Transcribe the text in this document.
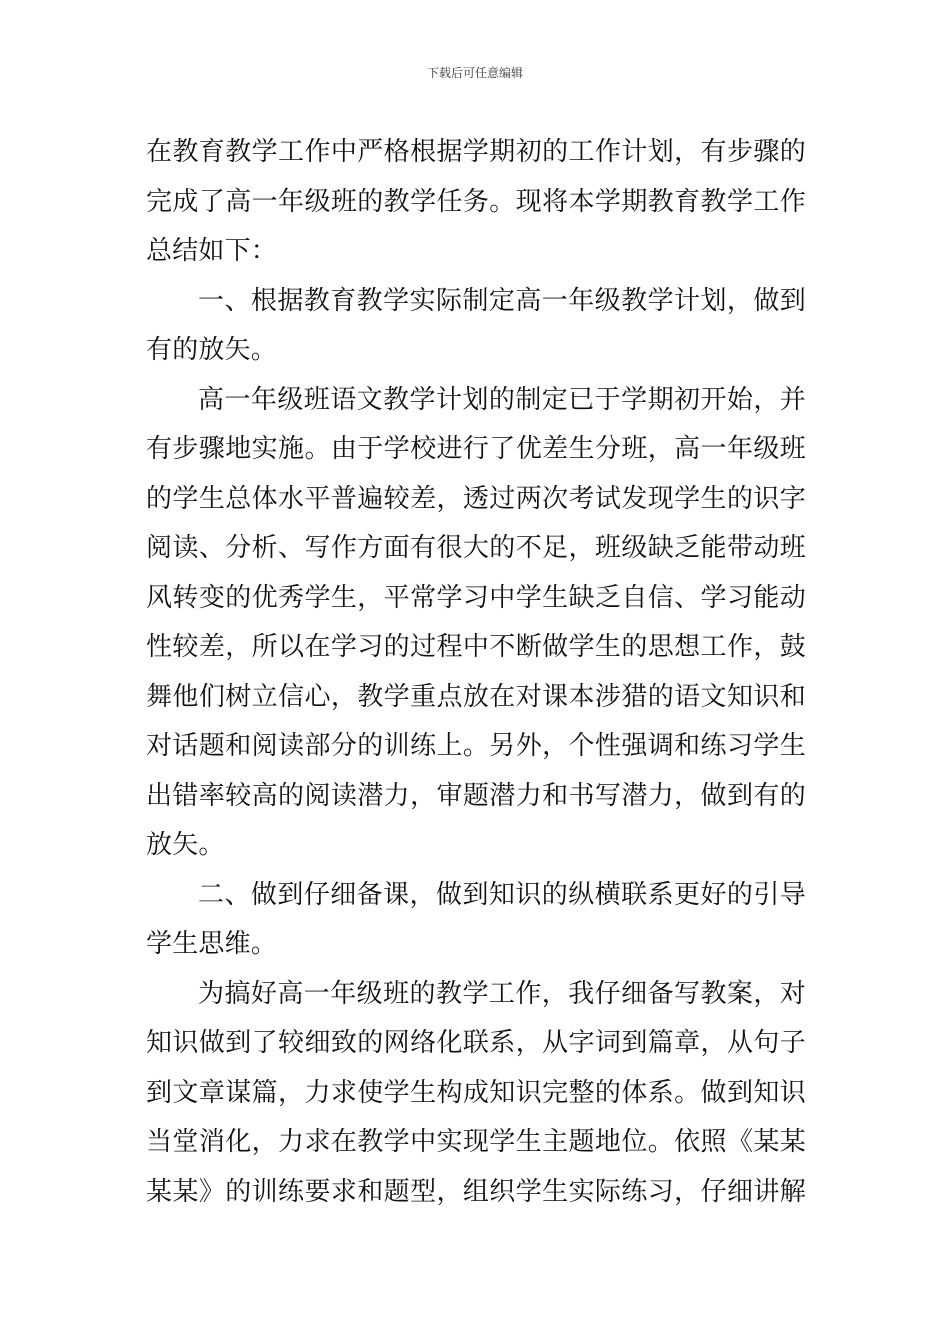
下载后可任意编辑
在教育教学工作中严格根据学期初的工作计划，有步骤的
完成了高一年级班的教学任务。现将本学期教育教学工作
总结如下：
一、根据教育教学实际制定高一年级教学计划，做到
有的放矢。
高一年级班语文教学计划的制定已于学期初开始，并
有步骤地实施。由于学校进行了优差生分班，高一年级班
的学生总体水平普遍较差，透过两次考试发现学生的识字
阅读、分析、写作方面有很大的不足，班级缺乏能带动班
风转变的优秀学生，平常学习中学生缺乏自信、学习能动
性较差，所以在学习的过程中不断做学生的思想工作，鼓
舞他们树立信心，教学重点放在对课本涉猎的语文知识和
对话题和阅读部分的训练上。另外，个性强调和练习学生
出错率较高的阅读潜力，审题潜力和书写潜力，做到有的
放矢。
二、做到仔细备课，做到知识的纵横联系更好的引导
学生思维。
为搞好高一年级班的教学工作，我仔细备写教案，对
知识做到了较细致的网络化联系，从字词到篇章，从句子
到文章谋篇，力求使学生构成知识完整的体系。做到知识
当堂消化，力求在教学中实现学生主题地位。依照《某某
某某》的训练要求和题型，组织学生实际练习，仔细讲解
